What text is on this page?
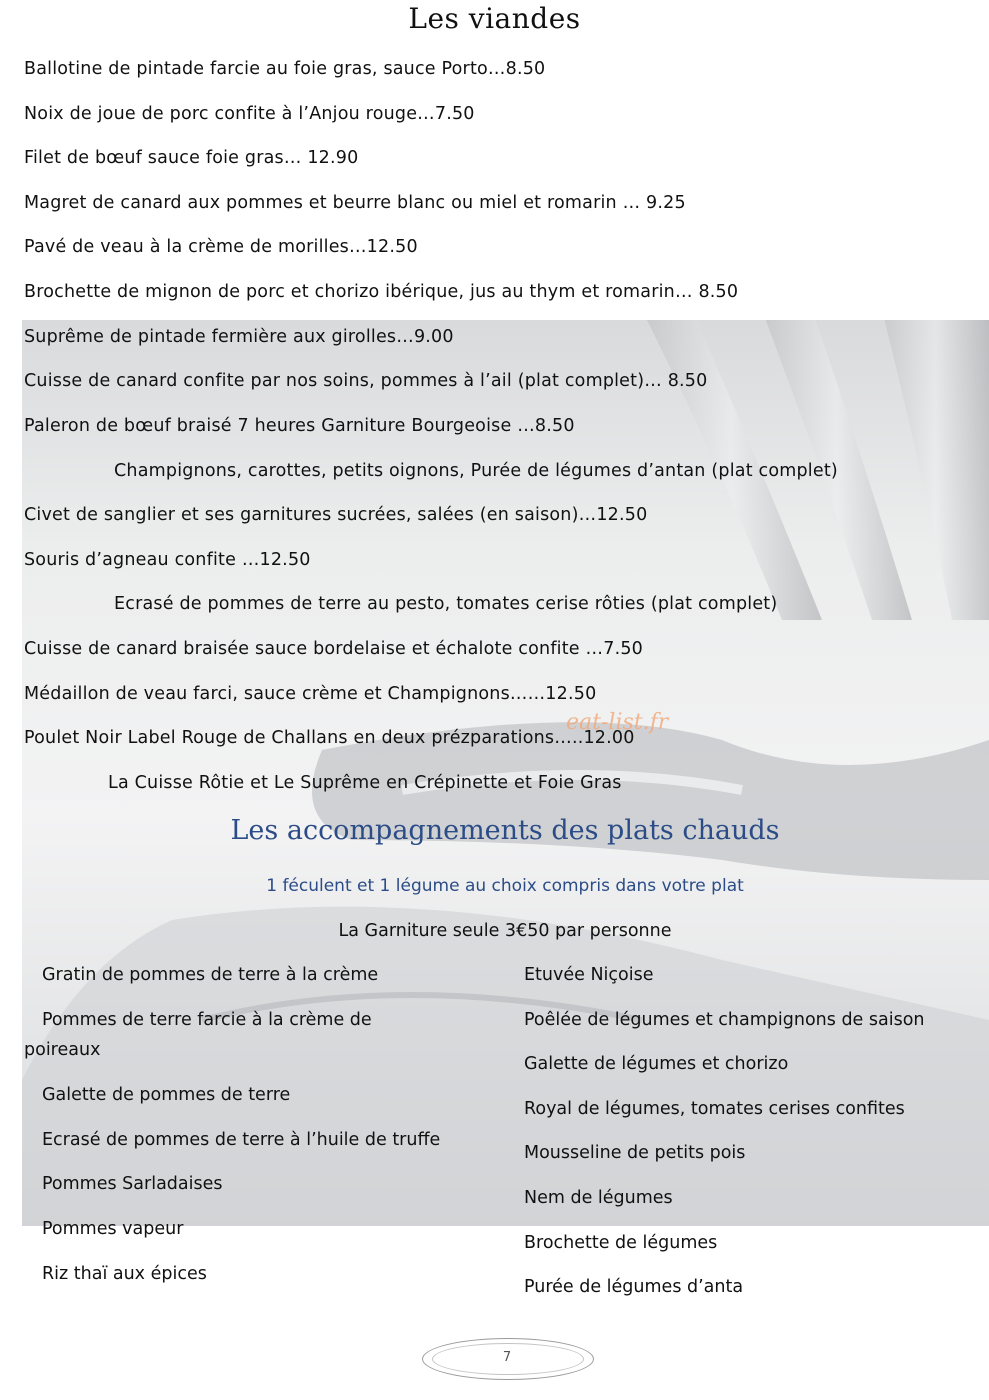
Les viandes
Ballotine de pintade farcie au foie gras, sauce Porto…8.50
Noix de joue de porc confite à l’Anjou rouge…7.50
Filet de bœuf sauce foie gras… 12.90
Magret de canard aux pommes et beurre blanc ou miel et romarin … 9.25
Pavé de veau à la crème de morilles…12.50
Brochette de mignon de porc et chorizo ibérique, jus au thym et romarin… 8.50
Suprême de pintade fermière aux girolles…9.00
Cuisse de canard confite par nos soins, pommes à l’ail (plat complet)… 8.50
Paleron de bœuf braisé 7 heures Garniture Bourgeoise …8.50
Champignons, carottes, petits oignons, Purée de légumes d’antan (plat complet)
Civet de sanglier et ses garnitures sucrées, salées (en saison)…12.50
Souris d’agneau confite …12.50
Ecrasé de pommes de terre au pesto, tomates cerise rôties (plat complet)
Cuisse de canard braisée sauce bordelaise et échalote confite …7.50
Médaillon de veau farci, sauce crème et Champignons……12.50
Poulet Noir Label Rouge de Challans en deux prézparations…..12.00
La Cuisse Rôtie et Le Suprême en Crépinette et Foie Gras
eat-list.fr
Les accompagnements des plats chauds
1 féculent et 1 légume au choix compris dans votre plat
La Garniture seule 3€50 par personne
Gratin de pommes de terre à la crème
Pommes de terre farcie à la crème de
poireaux
Galette de pommes de terre
Ecrasé de pommes de terre à l’huile de truffe
Pommes Sarladaises
Pommes vapeur
Riz thaï aux épices
Etuvée Niçoise
Poêlée de légumes et champignons de saison
Galette de légumes et chorizo
Royal de légumes, tomates cerises confites
Mousseline de petits pois
Nem de légumes
Brochette de légumes
Purée de légumes d’anta
7
